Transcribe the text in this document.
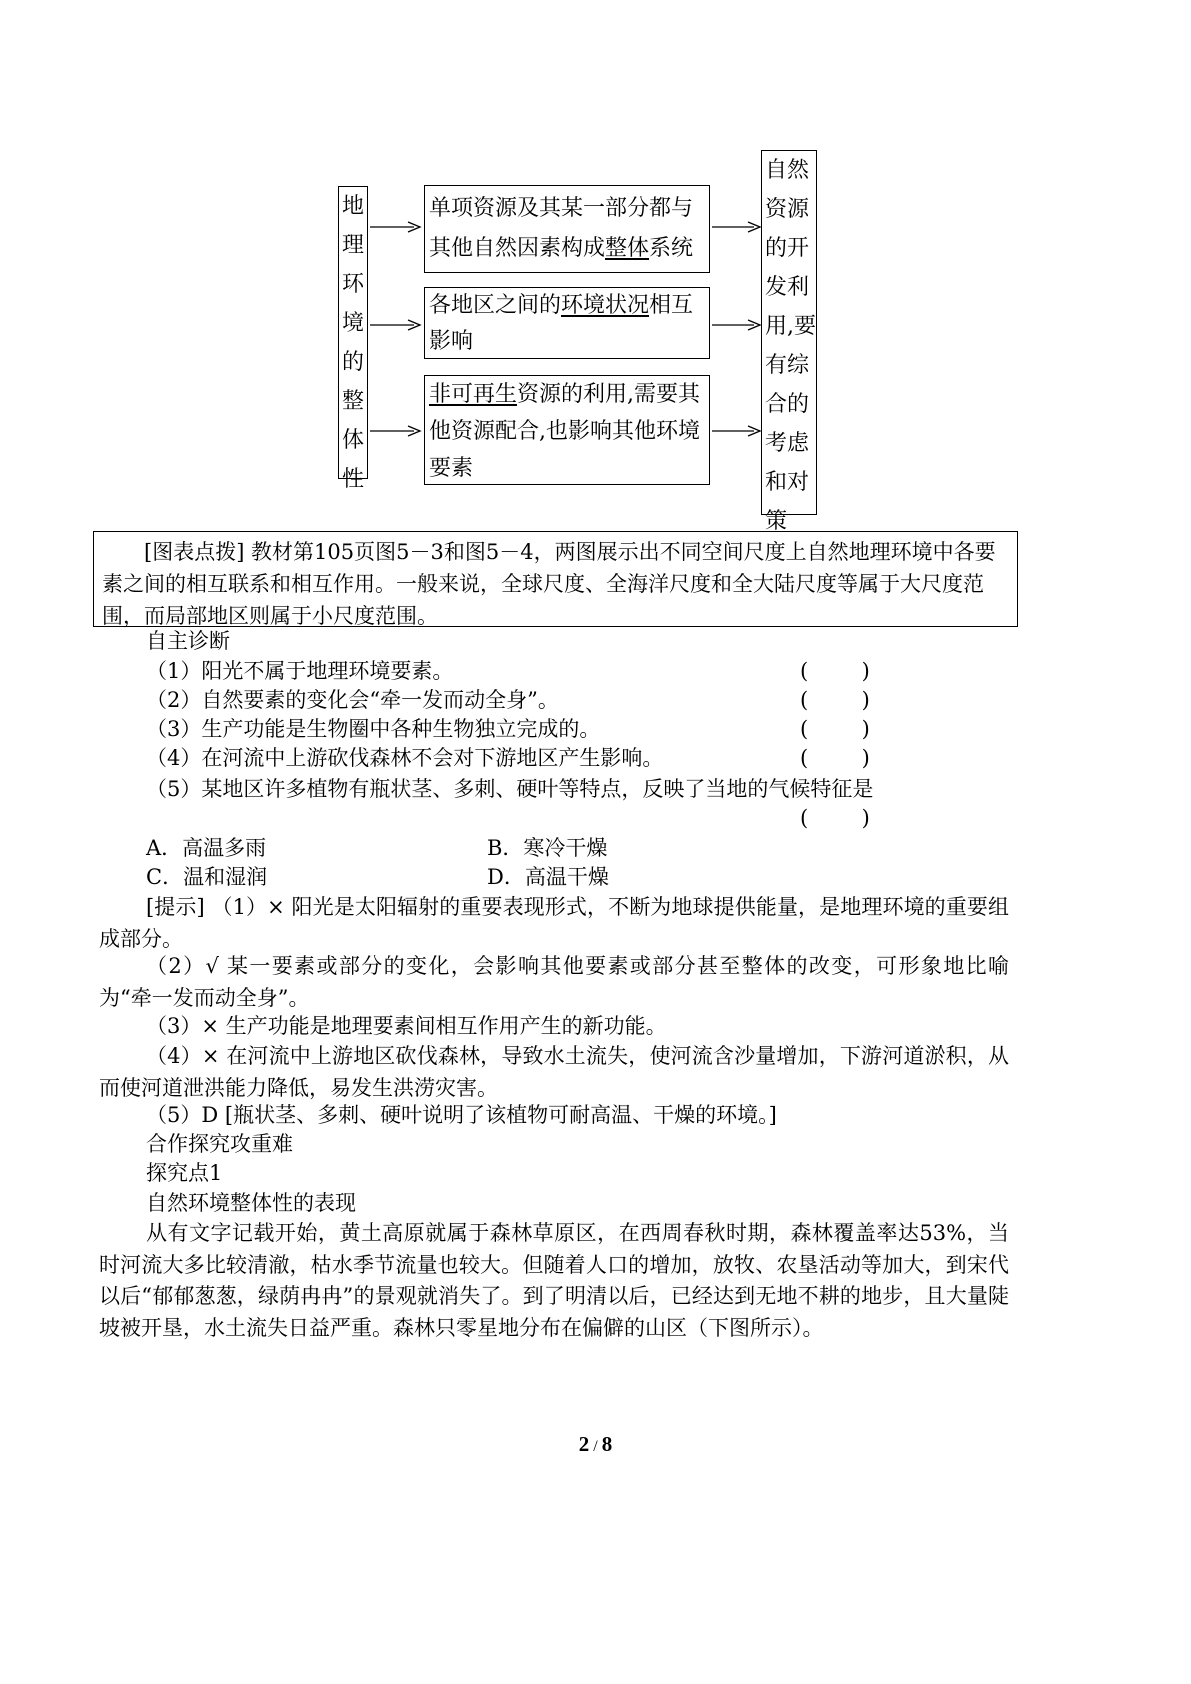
地
理
环
境
的
整
体
性
单项资源及其某一部分都与其他自然因素构成整体系统
各地区之间的环境状况相互影响
非可再生资源的利用,需要其他资源配合,也影响其他环境要素
自然
资源
的开
发利
用,要
有综
合的
考虑
和对
策
[图表点拨] 教材第105页图5－3和图5－4，两图展示出不同空间尺度上自然地理环境中各要素之间的相互联系和相互作用。一般来说，全球尺度、全海洋尺度和全大陆尺度等属于大尺度范围，而局部地区则属于小尺度范围。
自主诊断
（1）阳光不属于地理环境要素。
（2）自然要素的变化会“牵一发而动全身”。
（3）生产功能是生物圈中各种生物独立完成的。
（4）在河流中上游砍伐森林不会对下游地区产生影响。
（5）某地区许多植物有瓶状茎、多刺、硬叶等特点，反映了当地的气候特征是
(        )
(        )
(        )
(        )
(        )
A．高温多雨	B．寒冷干燥
C．温和湿润	D．高温干燥
[提示] （1）× 阳光是太阳辐射的重要表现形式，不断为地球提供能量，是地理环境的重要组成部分。
（2）√ 某一要素或部分的变化，会影响其他要素或部分甚至整体的改变，可形象地比喻为“牵一发而动全身”。
（3）× 生产功能是地理要素间相互作用产生的新功能。
（4）× 在河流中上游地区砍伐森林，导致水土流失，使河流含沙量增加，下游河道淤积，从而使河道泄洪能力降低，易发生洪涝灾害。
（5）D [瓶状茎、多刺、硬叶说明了该植物可耐高温、干燥的环境。]
合作探究攻重难
探究点1
自然环境整体性的表现
从有文字记载开始，黄土高原就属于森林草原区，在西周春秋时期，森林覆盖率达53%，当时河流大多比较清澈，枯水季节流量也较大。但随着人口的增加，放牧、农垦活动等加大，到宋代以后“郁郁葱葱，绿荫冉冉”的景观就消失了。到了明清以后，已经达到无地不耕的地步，且大量陡坡被开垦，水土流失日益严重。森林只零星地分布在偏僻的山区（下图所示）。
2 / 8
